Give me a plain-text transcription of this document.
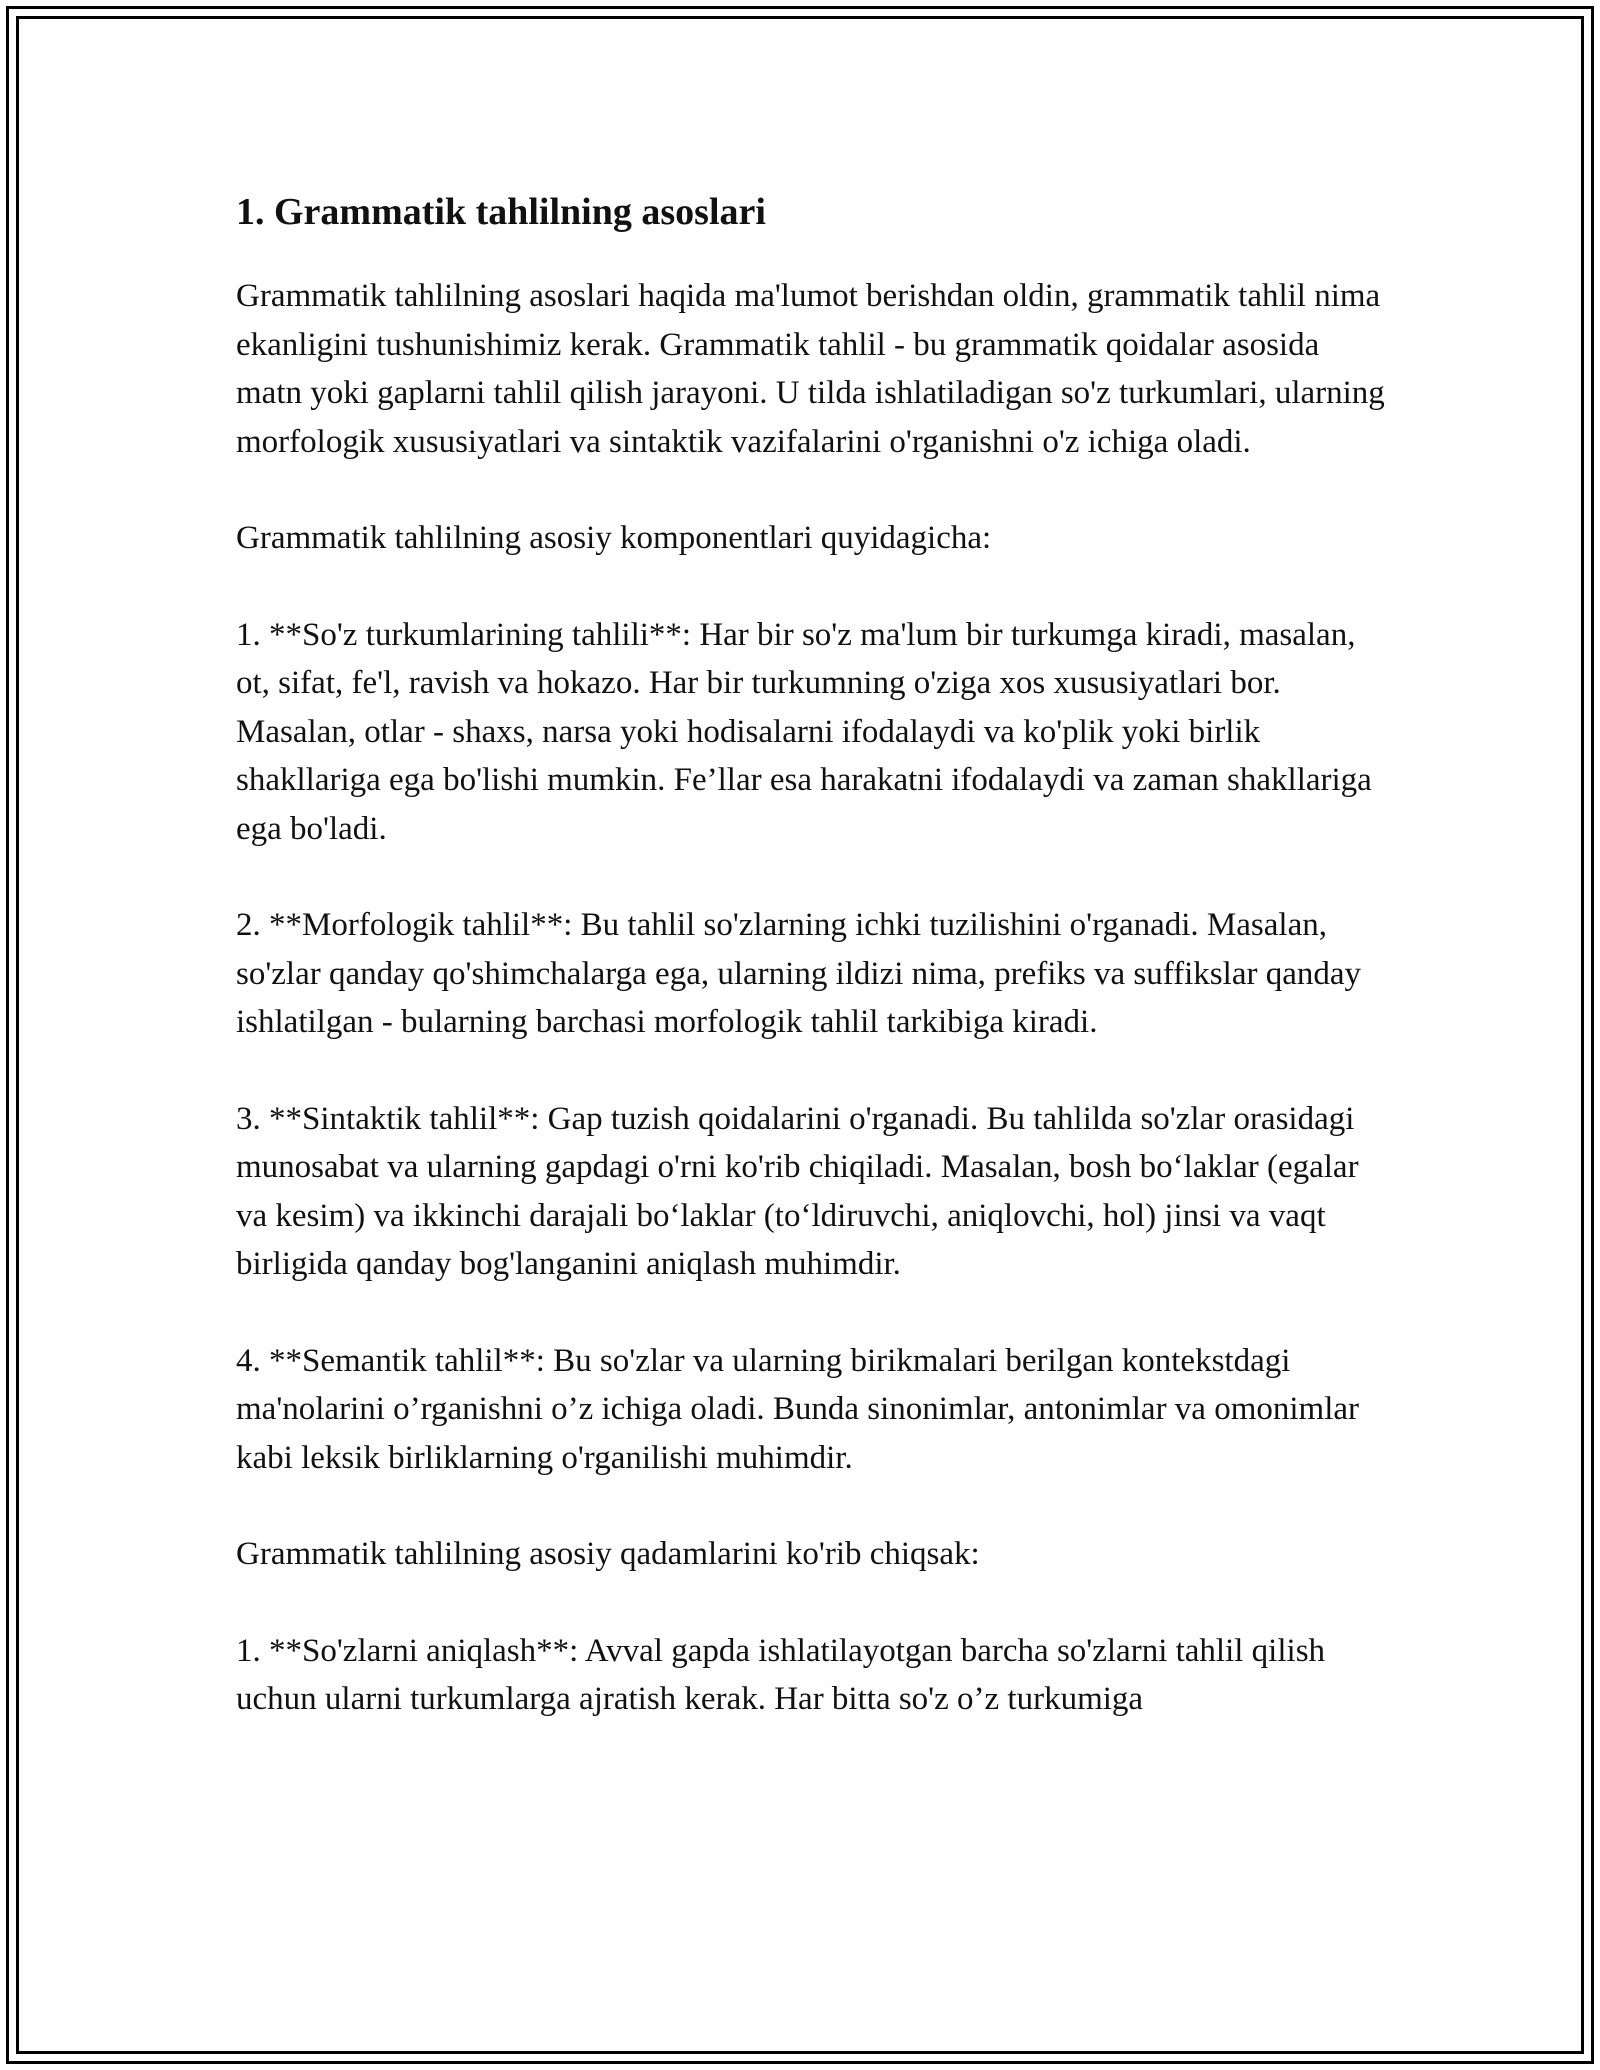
1. Grammatik tahlilning asoslari

Grammatik tahlilning asoslari haqida ma'lumot berishdan oldin, grammatik tahlil nima ekanligini tushunishimiz kerak. Grammatik tahlil - bu grammatik qoidalar asosida matn yoki gaplarni tahlil qilish jarayoni. U tilda ishlatiladigan so'z turkumlari, ularning morfologik xususiyatlari va sintaktik vazifalarini o'rganishni o'z ichiga oladi.

Grammatik tahlilning asosiy komponentlari quyidagicha:

1. **So'z turkumlarining tahlili**: Har bir so'z ma'lum bir turkumga kiradi, masalan, ot, sifat, fe'l, ravish va hokazo. Har bir turkumning o'ziga xos xususiyatlari bor. Masalan, otlar - shaxs, narsa yoki hodisalarni ifodalaydi va ko'plik yoki birlik shakllariga ega bo'lishi mumkin. Fe’llar esa harakatni ifodalaydi va zaman shakllariga ega bo'ladi.

2. **Morfologik tahlil**: Bu tahlil so'zlarning ichki tuzilishini o'rganadi. Masalan, so'zlar qanday qo'shimchalarga ega, ularning ildizi nima, prefiks va suffikslar qanday ishlatilgan - bularning barchasi morfologik tahlil tarkibiga kiradi.

3. **Sintaktik tahlil**: Gap tuzish qoidalarini o'rganadi. Bu tahlilda so'zlar orasidagi munosabat va ularning gapdagi o'rni ko'rib chiqiladi. Masalan, bosh bo‘laklar (egalar va kesim) va ikkinchi darajali bo‘laklar (to‘ldiruvchi, aniqlovchi, hol) jinsi va vaqt birligida qanday bog'langanini aniqlash muhimdir.

4. **Semantik tahlil**: Bu so'zlar va ularning birikmalari berilgan kontekstdagi ma'nolarini o’rganishni o’z ichiga oladi. Bunda sinonimlar, antonimlar va omonimlar kabi leksik birliklarning o'rganilishi muhimdir.

Grammatik tahlilning asosiy qadamlarini ko'rib chiqsak:

1. **So'zlarni aniqlash**: Avval gapda ishlatilayotgan barcha so'zlarni tahlil qilish uchun ularni turkumlarga ajratish kerak. Har bitta so'z o’z turkumiga
